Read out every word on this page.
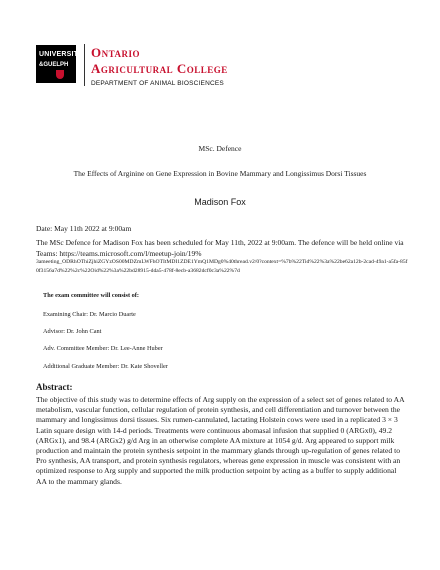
UNIVERSITY
&GUELPH
Ontario
Agricultural College
DEPARTMENT OF ANIMAL BIOSCIENCES
MSc. Defence
The Effects of Arginine on Gene Expression in Bovine Mammary and Longissimus Dorsi Tissues
Madison Fox
Date: May 11th 2022 at 9:00am
The MSc Defence for Madison Fox has been scheduled for May 11th, 2022 at 9:00am. The defence will be held online via Teams: https://teams.microsoft.com/l/meetup-join/19%
3ameeting_ODRhOThiZjhiZGYzOS00MDZmLWFhOTItMDI1ZDE1YmQ1MDg0%40thread.v2/0?context=%7b%22Tid%22%3a%22be62a12b-2cad-49a1-a5fa-85f0f3156a7d%22%2c%22Oid%22%3a%22bd28915-dda5-478f-8ecb-a3682dcf0c3a%22%7d
The exam committee will consist of:
Examining Chair: Dr. Marcio Duarte
Advisor: Dr. John Cant
Adv. Committee Member: Dr. Lee-Anne Huber
Additional Graduate Member: Dr. Kate Shoveller
Abstract:
The objective of this study was to determine effects of Arg supply on the expression of a select set of genes related to AA metabolism, vascular function, cellular regulation of protein synthesis, and cell differentiation and turnover between the mammary and longissimus dorsi tissues. Six rumen-cannulated, lactating Holstein cows were used in a replicated 3 × 3 Latin square design with 14-d periods. Treatments were continuous abomasal infusion that supplied 0 (ARGx0), 49.2 (ARGx1), and 98.4 (ARGx2) g/d Arg in an otherwise complete AA mixture at 1054 g/d. Arg appeared to support milk production and maintain the protein synthesis setpoint in the mammary glands through up-regulation of genes related to Pro synthesis, AA transport, and protein synthesis regulators, whereas gene expression in muscle was consistent with an optimized response to Arg supply and supported the milk production setpoint by acting as a buffer to supply additional AA to the mammary glands.
